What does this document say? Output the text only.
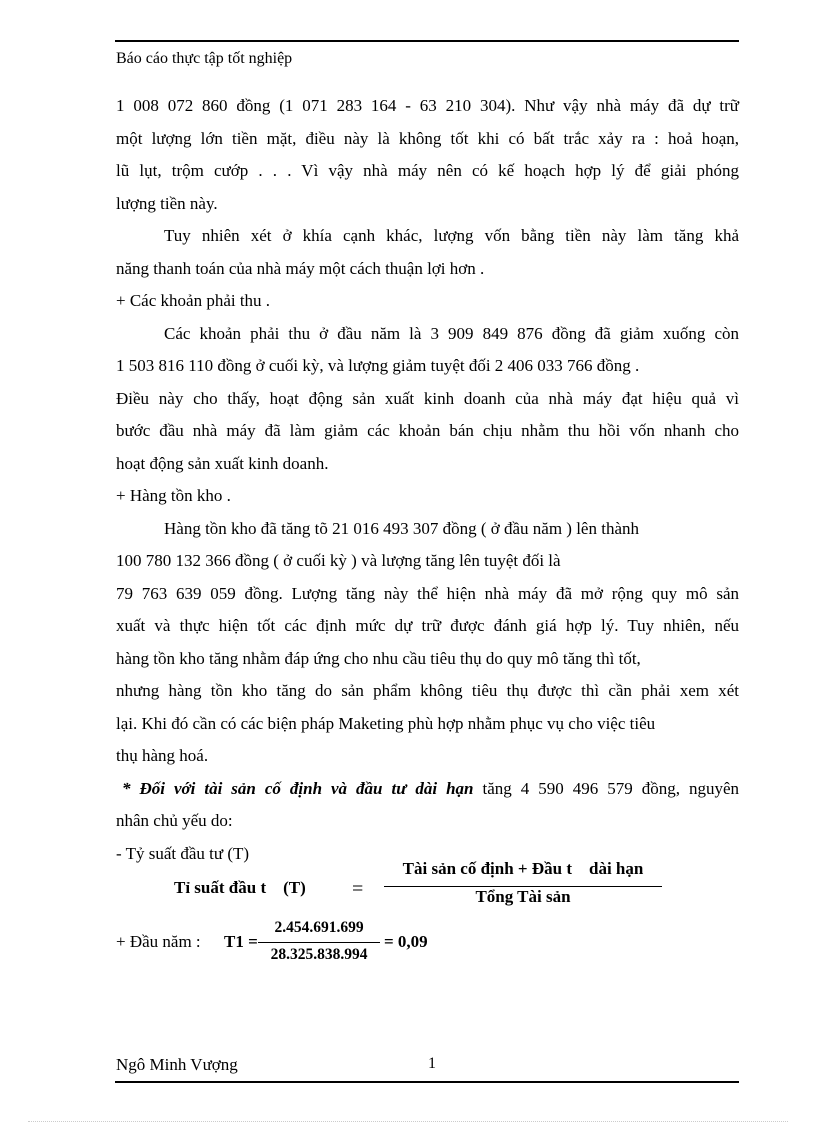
Báo cáo thực tập tốt nghiệp
1 008 072 860 đồng (1 071 283 164 - 63 210 304). Như vậy nhà máy đã dự trữ
một lượng lớn tiền mặt, điều này là không tốt khi có bất trắc xảy ra : hoả hoạn,
lũ lụt, trộm cướp . . . Vì vậy nhà máy nên có kế hoạch hợp lý để giải phóng
lượng tiền này.
Tuy nhiên xét ở khía cạnh khác, lượng vốn bằng tiền này làm tăng khả
năng thanh toán của nhà máy một cách thuận lợi hơn .
+ Các khoản phải thu .
Các khoản phải thu ở đầu năm là 3 909 849 876 đồng đã giảm xuống còn
1 503 816 110 đồng ở cuối kỳ, và lượng giảm tuyệt đối 2 406 033 766 đồng .
Điều này cho thấy, hoạt động sản xuất kinh doanh của nhà máy đạt hiệu quả vì
bước đầu nhà máy đã làm giảm các khoản bán chịu nhằm thu hồi vốn nhanh cho
hoạt động sản xuất kinh doanh.
+ Hàng tồn kho .
Hàng tồn kho đã tăng tõ 21 016 493 307 đồng ( ở đầu năm ) lên thành
100 780 132 366 đồng ( ở cuối kỳ ) và lượng tăng lên tuyệt đối là
79 763 639 059 đồng. Lượng tăng này thể hiện nhà máy đã mở rộng quy mô sản
xuất và thực hiện tốt các định mức dự trữ được đánh giá hợp lý. Tuy nhiên, nếu
hàng tồn kho tăng nhằm đáp ứng cho nhu cầu tiêu thụ do quy mô tăng thì tốt,
nhưng hàng tồn kho tăng do sản phẩm không tiêu thụ được thì cần phải xem xét
lại. Khi đó cần có các biện pháp Maketing phù hợp nhằm phục vụ cho việc tiêu
thụ hàng hoá.
* Đối với tài sản cố định và đầu tư dài hạn tăng 4 590 496 579 đồng, nguyên
nhân chủ yếu do:
- Tỷ suất đầu tư (T)
Tỉ suất đầu t    (T) =
Tài sản cố định + Đầu t    dài hạn
Tổng Tài sản
+ Đầu năm : T1 =
2.454.691.699
28.325.838.994
= 0,09
Ngô Minh Vượng	1
